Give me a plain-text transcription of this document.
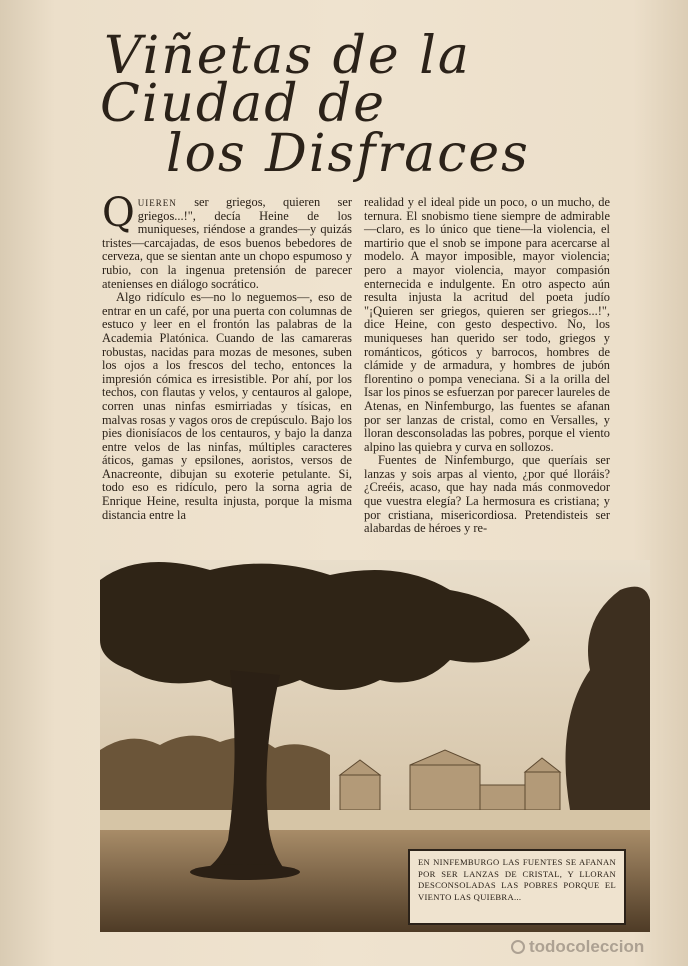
Viñetas de la
Ciudad de
los Disfraces

Quieren ser griegos, quieren ser griegos...!", decía Heine de los muniqueses, riéndose a grandes—y quizás tristes—carcajadas, de esos buenos bebedores de cerveza, que se sientan ante un chopo espumoso y rubio, con la ingenua pretensión de parecer atenienses en diálogo socrático.

Algo ridículo es—no lo neguemos—, eso de entrar en un café, por una puerta con columnas de estuco y leer en el frontón las palabras de la Academia Platónica. Cuando de las camareras robustas, nacidas para mozas de mesones, suben los ojos a los frescos del techo, entonces la impresión cómica es irresistible. Por ahí, por los techos, con flautas y velos, y centauros al galope, corren unas ninfas esmirriadas y tísicas, en malvas rosas y vagos oros de crepúsculo. Bajo los pies dionisíacos de los centauros, y bajo la danza entre velos de las ninfas, múltiples caracteres áticos, gamas y epsilones, aoristos, versos de Anacreonte, dibujan su exoterie petulante. Si, todo eso es ridículo, pero la sorna agria de Enrique Heine, resulta injusta, porque la misma distancia entre la

realidad y el ideal pide un poco, o un mucho, de ternura. El snobismo tiene siempre de admirable—claro, es lo único que tiene—la violencia, el martirio que el snob se impone para acercarse al modelo. A mayor imposible, mayor violencia; pero a mayor violencia, mayor compasión enternecida e indulgente. En otro aspecto aún resulta injusta la acritud del poeta judío "¡Quieren ser griegos, quieren ser griegos...!", dice Heine, con gesto despectivo. No, los muniqueses han querido ser todo, griegos y románticos, góticos y barrocos, hombres de clámide y de armadura, y hombres de jubón florentino o pompa veneciana. Si a la orilla del Isar los pinos se esfuerzan por parecer laureles de Atenas, en Ninfemburgo, las fuentes se afanan por ser lanzas de cristal, como en Versalles, y lloran desconsoladas las pobres, porque el viento alpino las quiebra y curva en sollozos.

Fuentes de Ninfemburgo, que queríais ser lanzas y sois arpas al viento, ¿por qué lloráis? ¿Creéis, acaso, que hay nada más conmovedor que vuestra elegía? La hermosura es cristiana; y por cristiana, misericordiosa. Pretendisteis ser alabardas de héroes y re-

EN NINFEMBURGO LAS FUENTES SE AFANAN POR SER LANZAS DE CRISTAL, Y LLORAN DESCONSOLADAS LAS POBRES PORQUE EL VIENTO LAS QUIEBRA...
todocoleccion
